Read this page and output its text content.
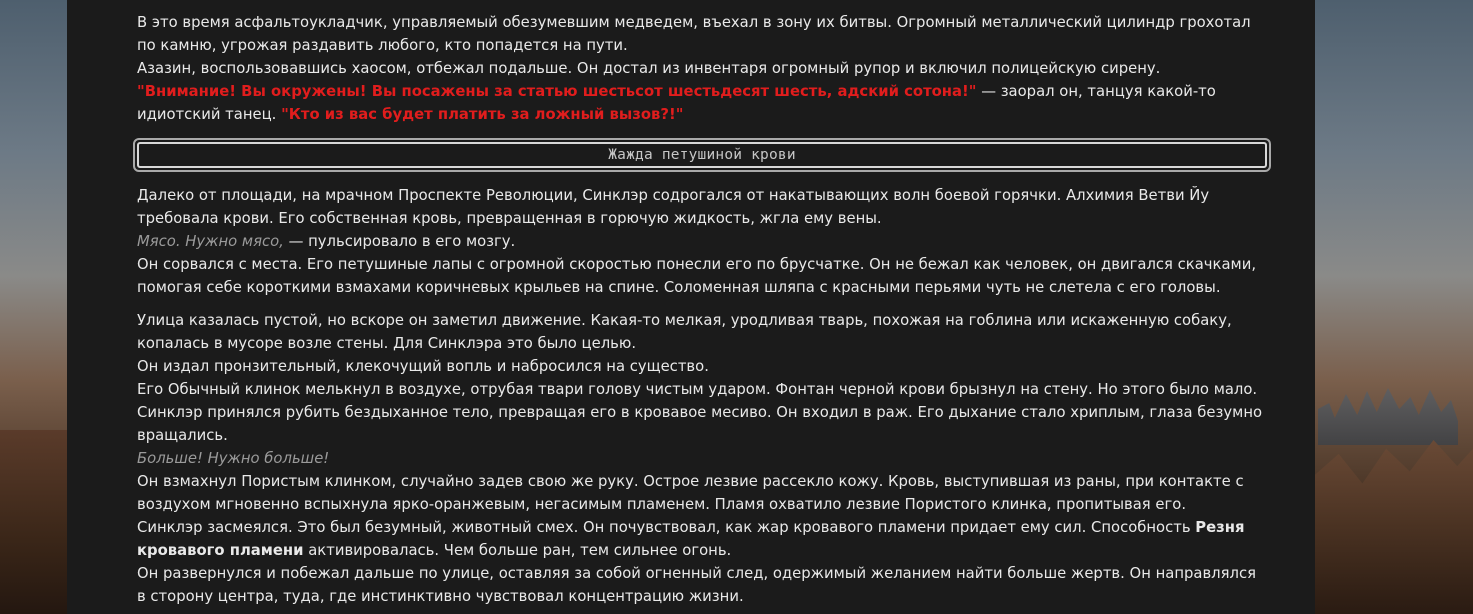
В это время асфальтоукладчик, управляемый обезумевшим медведем, въехал в зону их битвы. Огромный металлический цилиндр грохотал по камню, угрожая раздавить любого, кто попадется на пути.

Азазин, воспользовавшись хаосом, отбежал подальше. Он достал из инвентаря огромный рупор и включил полицейскую сирену.

"Внимание! Вы окружены! Вы посажены за статью шестьсот шестьдесят шесть, адский сотона!" — заорал он, танцуя какой-то идиотский танец. "Кто из вас будет платить за ложный вызов?!"

Жажда петушиной крови

Далеко от площади, на мрачном Проспекте Революции, Синклэр содрогался от накатывающих волн боевой горячки. Алхимия Ветви Йу требовала крови. Его собственная кровь, превращенная в горючую жидкость, жгла ему вены.

Мясо. Нужно мясо, — пульсировало в его мозгу.

Он сорвался с места. Его петушиные лапы с огромной скоростью понесли его по брусчатке. Он не бежал как человек, он двигался скачками, помогая себе короткими взмахами коричневых крыльев на спине. Соломенная шляпа с красными перьями чуть не слетела с его головы.

Улица казалась пустой, но вскоре он заметил движение. Какая-то мелкая, уродливая тварь, похожая на гоблина или искаженную собаку, копалась в мусоре возле стены. Для Синклэра это было целью.

Он издал пронзительный, клекочущий вопль и набросился на существо.

Его Обычный клинок мелькнул в воздухе, отрубая твари голову чистым ударом. Фонтан черной крови брызнул на стену. Но этого было мало.

Синклэр принялся рубить бездыханное тело, превращая его в кровавое месиво. Он входил в раж. Его дыхание стало хриплым, глаза безумно вращались.

Больше! Нужно больше!

Он взмахнул Пористым клинком, случайно задев свою же руку. Острое лезвие рассекло кожу. Кровь, выступившая из раны, при контакте с воздухом мгновенно вспыхнула ярко-оранжевым, негасимым пламенем. Пламя охватило лезвие Пористого клинка, пропитывая его.

Синклэр засмеялся. Это был безумный, животный смех. Он почувствовал, как жар кровавого пламени придает ему сил. Способность Резня кровавого пламени активировалась. Чем больше ран, тем сильнее огонь.

Он развернулся и побежал дальше по улице, оставляя за собой огненный след, одержимый желанием найти больше жертв. Он направлялся в сторону центра, туда, где инстинктивно чувствовал концентрацию жизни.
